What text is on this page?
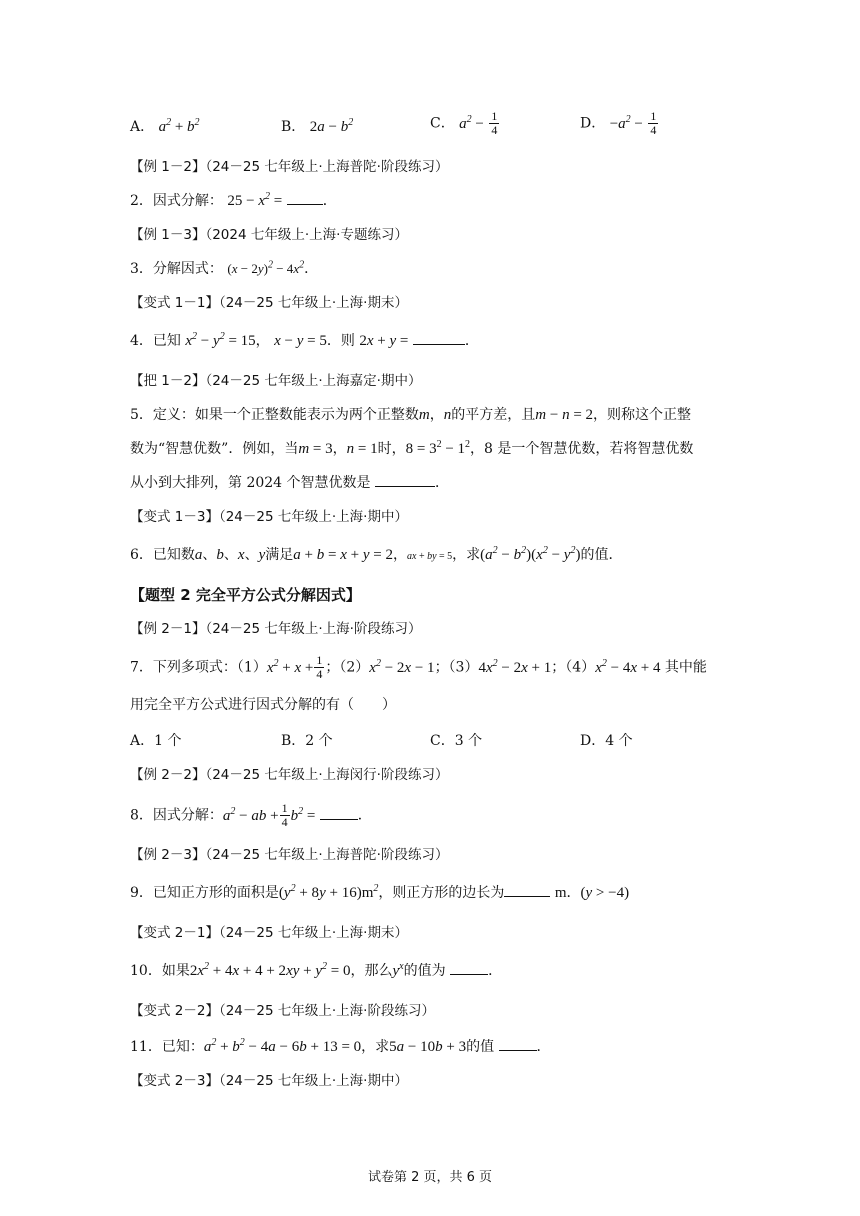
A． $a^2 + b^2$	B． $2a - b^2$	C． $a^2 - \frac{1}{4}$	D． $-a^2 - \frac{1}{4}$
【例 1－2】（24－25 七年级上·上海普陀·阶段练习）
2．因式分解： $25 - x^2$ =	．
【例 1－3】（2024 七年级上·上海·专题练习）
3．分解因式： $(x - 2y)^2 - 4x^2$．
【变式 1－1】（24－25 七年级上·上海·期末）
4．已知 $x^2 - y^2 = 15$， x − y = 5．则 2x + y =	．
【把 1－2】（24－25 七年级上·上海嘉定·期中）
5．定义：如果一个正整数能表示为两个正整数m，n的平方差，且m − n = 2，则称这个正整
数为“智慧优数”．例如，当m = 3，n = 1时，$8 = 3^2 - 1^2$，8 是一个智慧优数，若将智慧优数
从小到大排列，第 2024 个智慧优数是	．
【变式 1－3】（24－25 七年级上·上海·期中）
6．已知数a、b、x、y满足a + b = x + y = 2，ax + by = 5，求$(a^2 - b^2)(x^2 - y^2)$的值．
【题型 2 完全平方公式分解因式】
【例 2－1】（24－25 七年级上·上海·阶段练习）
7．下列多项式：$(1)x^2 + x + \frac{1}{4}$ ；$(2)x^2 - 2x - 1$；$(3)4x^2 - 2x + 1$；$(4)x^2 - 4x + 4$ 其中能
用完全平方公式进行因式分解的有（　　）
A．1 个	B．2 个	C．3 个	D．4 个
【例 2－2】（24－25 七年级上·上海闵行·阶段练习）
8．因式分解：$a^2$ − ab + $\frac{1}{4} b^2$ =	．
【例 2－3】（24－25 七年级上·上海普陀·阶段练习）
9．已知正方形的面积是$(y^2 + 8y + 16)m^2$，则正方形的边长为	m．(y > −4)
【变式 2－1】（24－25 七年级上·上海·期末）
10．如果$2x^2 + 4x + 4 + 2xy + y^2 = 0$，那么$y^x$的值为	．
【变式 2－2】（24－25 七年级上·上海·阶段练习）
11．已知：$a^2 + b^2 - 4a - 6b + 13 = 0$，求5a − 10b + 3的值	．
【变式 2－3】（24－25 七年级上·上海·期中）
试卷第 2 页，共 6 页
